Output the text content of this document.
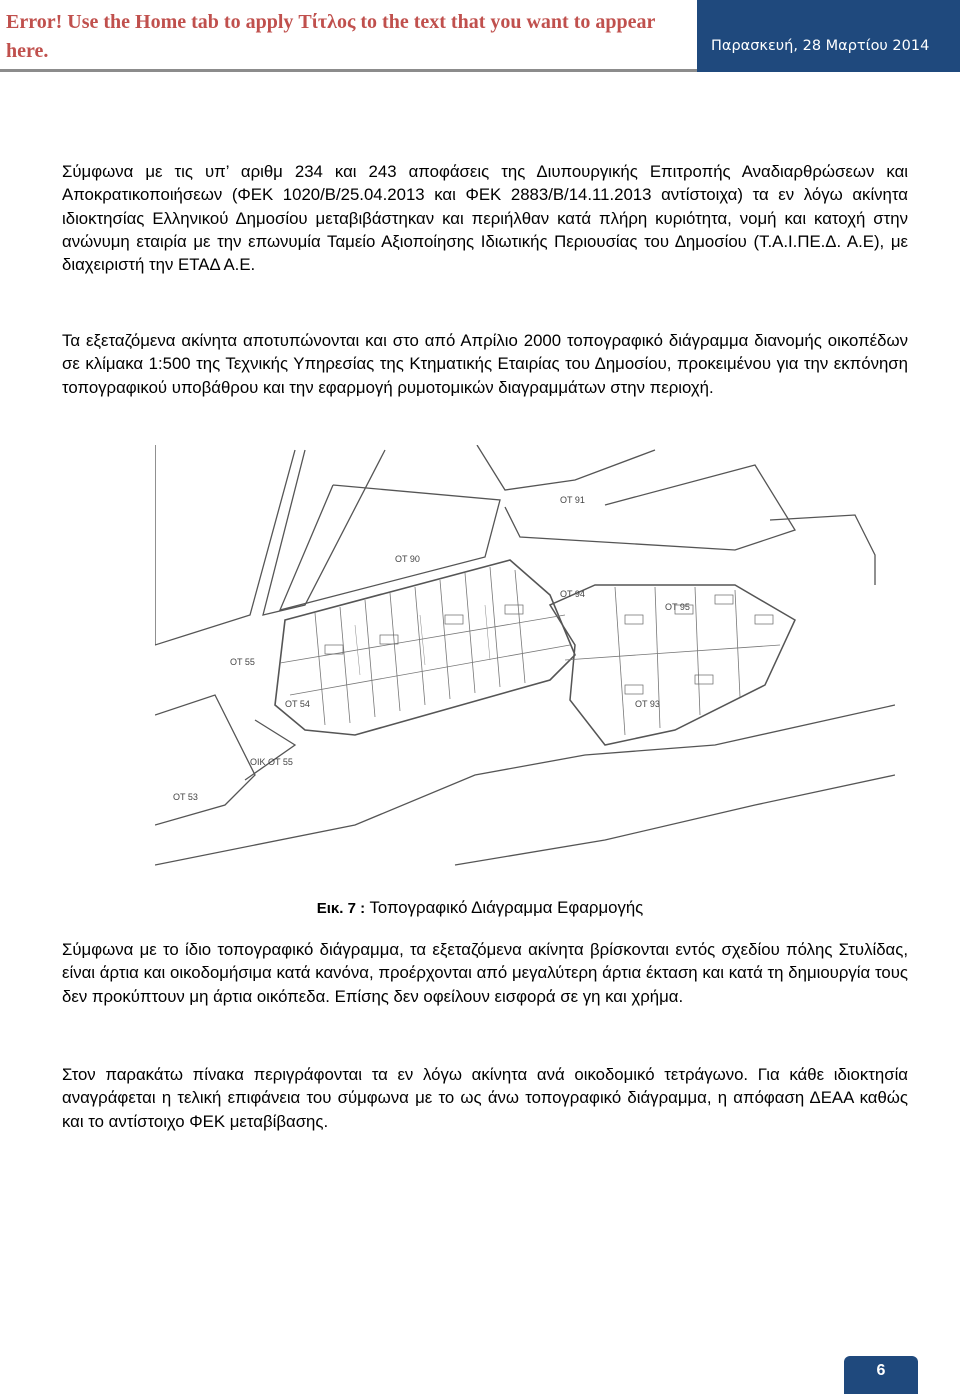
Error! Use the Home tab to apply Τίτλος to the text that you want to appear here.	Παρασκευή, 28 Μαρτίου 2014

Σύμφωνα με τις υπ’ αριθμ 234 και 243 αποφάσεις της Διυπουργικής Επιτροπής Αναδιαρθρώσεων και Αποκρατικοποιήσεων (ΦΕΚ 1020/Β/25.04.2013 και ΦΕΚ 2883/Β/14.11.2013 αντίστοιχα) τα εν λόγω ακίνητα ιδιοκτησίας Ελληνικού Δημοσίου μεταβιβάστηκαν και περιήλθαν κατά πλήρη κυριότητα, νομή και κατοχή στην ανώνυμη εταιρία με την επωνυμία Ταμείο Αξιοποίησης Ιδιωτικής Περιουσίας του Δημοσίου (Τ.Α.Ι.ΠΕ.Δ. Α.Ε), με διαχειριστή την ΕΤΑΔ Α.Ε.

Τα εξεταζόμενα ακίνητα αποτυπώνονται και στο από Απρίλιο 2000 τοπογραφικό διάγραμμα διανομής οικοπέδων σε κλίμακα 1:500 της Τεχνικής Υπηρεσίας της Κτηματικής Εταιρίας του Δημοσίου, προκειμένου για την εκπόνηση τοπογραφικού υποβάθρου και την εφαρμογή ρυμοτομικών διαγραμμάτων στην περιοχή.

ΟΤ 91
ΟΤ 90
ΟΤ 94
ΟΤ 95
ΟΤ 55
ΟΤ 54	ΟΤ 93
ΟΤ 53
ΟΙΚ ΟΤ 55
Εικ. 7 : Τοπογραφικό Διάγραμμα Εφαρμογής

Σύμφωνα με το ίδιο τοπογραφικό διάγραμμα, τα εξεταζόμενα ακίνητα βρίσκονται εντός σχεδίου πόλης Στυλίδας, είναι άρτια και οικοδομήσιμα κατά κανόνα, προέρχονται από μεγαλύτερη άρτια έκταση και κατά τη δημιουργία τους δεν προκύπτουν μη άρτια οικόπεδα. Επίσης δεν οφείλουν εισφορά σε γη και χρήμα.

Στον παρακάτω πίνακα περιγράφονται τα εν λόγω ακίνητα ανά οικοδομικό τετράγωνο. Για κάθε ιδιοκτησία αναγράφεται η τελική επιφάνεια του σύμφωνα με το ως άνω τοπογραφικό διάγραμμα, η απόφαση ΔΕΑΑ καθώς και το αντίστοιχο ΦΕΚ μεταβίβασης.

6
